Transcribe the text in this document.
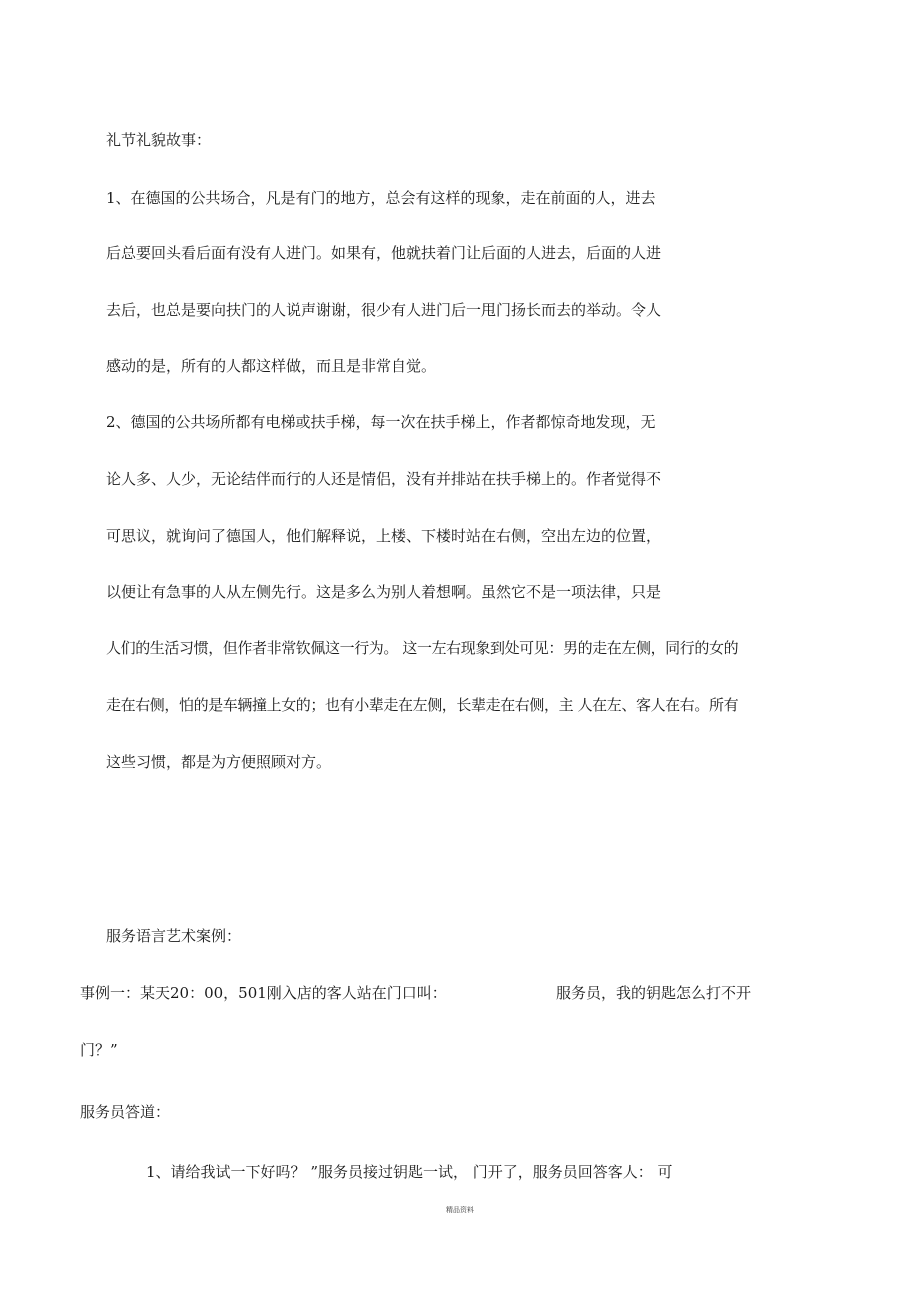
礼节礼貌故事：
1、在德国的公共场合，凡是有门的地方，总会有这样的现象，走在前面的人，进去
后总要回头看后面有没有人进门。如果有，他就扶着门让后面的人进去，后面的人进
去后，也总是要向扶门的人说声谢谢，很少有人进门后一甩门扬长而去的举动。令人
感动的是，所有的人都这样做，而且是非常自觉。
2、德国的公共场所都有电梯或扶手梯，每一次在扶手梯上，作者都惊奇地发现，无
论人多、人少，无论结伴而行的人还是情侣，没有并排站在扶手梯上的。作者觉得不
可思议，就询问了德国人，他们解释说，上楼、下楼时站在右侧，空出左边的位置，
以便让有急事的人从左侧先行。这是多么为别人着想啊。虽然它不是一项法律，只是
人们的生活习惯，但作者非常钦佩这一行为。 这一左右现象到处可见：男的走在左侧，同行的女的
走在右侧，怕的是车辆撞上女的；也有小辈走在左侧，长辈走在右侧，主 人在左、客人在右。所有
这些习惯，都是为方便照顾对方。
服务语言艺术案例：
事例一：某天20：00，501刚入店的客人站在门口叫：	服务员，我的钥匙怎么打不开
门？”
服务员答道：
1、请给我试一下好吗？ ”服务员接过钥匙一试， 门开了，服务员回答客人： 可
精品资料
